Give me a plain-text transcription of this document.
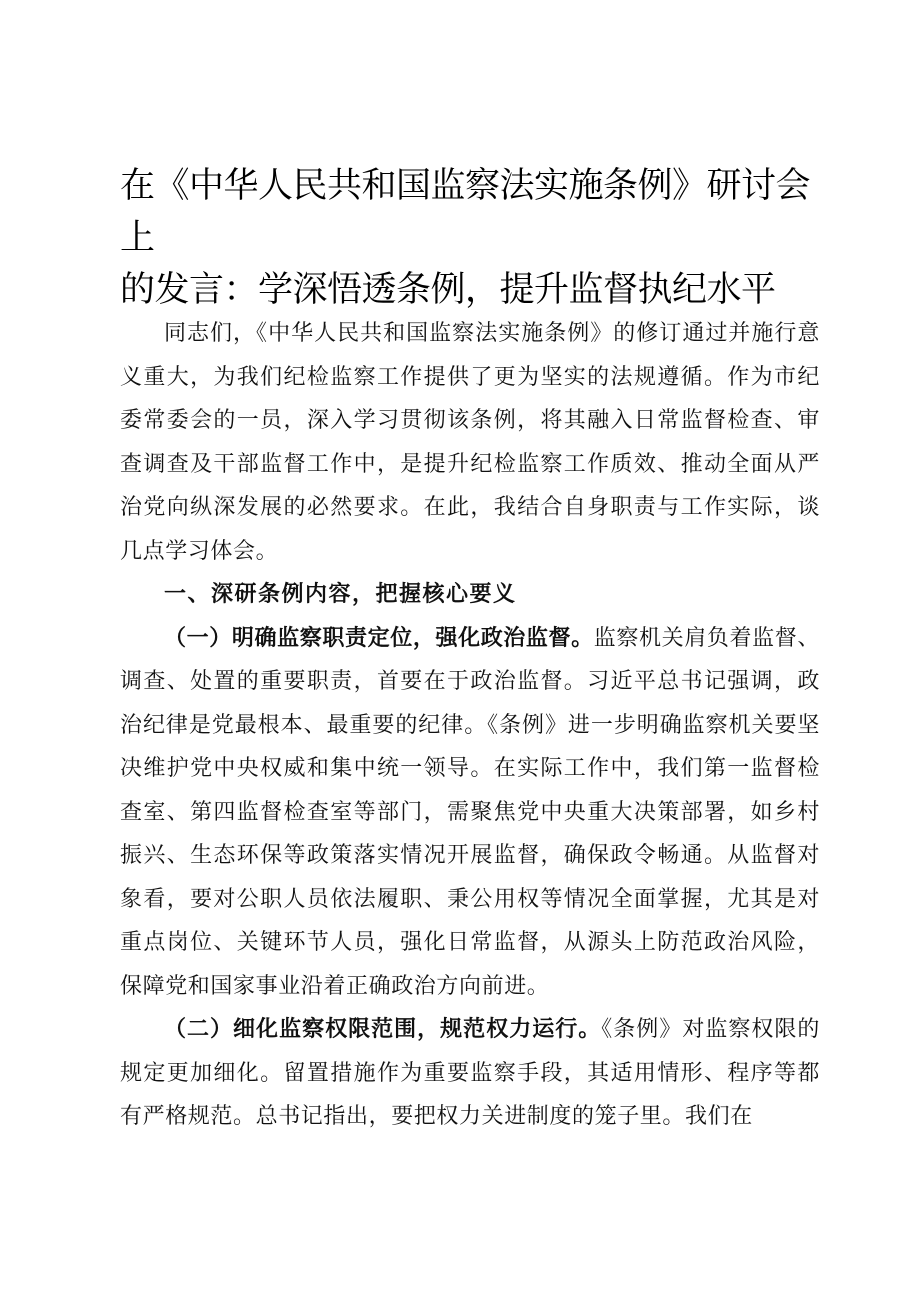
在《中华人民共和国监察法实施条例》研讨会上
的发言：学深悟透条例，提升监督执纪水平

同志们，《中华人民共和国监察法实施条例》的修订通过并施行意义重大，为我们纪检监察工作提供了更为坚实的法规遵循。作为市纪委常委会的一员，深入学习贯彻该条例，将其融入日常监督检查、审查调查及干部监督工作中，是提升纪检监察工作质效、推动全面从严治党向纵深发展的必然要求。在此，我结合自身职责与工作实际，谈几点学习体会。

一、深研条例内容，把握核心要义

（一）明确监察职责定位，强化政治监督。监察机关肩负着监督、调查、处置的重要职责，首要在于政治监督。习近平总书记强调，政治纪律是党最根本、最重要的纪律。《条例》进一步明确监察机关要坚决维护党中央权威和集中统一领导。在实际工作中，我们第一监督检查室、第四监督检查室等部门，需聚焦党中央重大决策部署，如乡村振兴、生态环保等政策落实情况开展监督，确保政令畅通。从监督对象看，要对公职人员依法履职、秉公用权等情况全面掌握，尤其是对重点岗位、关键环节人员，强化日常监督，从源头上防范政治风险，保障党和国家事业沿着正确政治方向前进。

（二）细化监察权限范围，规范权力运行。《条例》对监察权限的规定更加细化。留置措施作为重要监察手段，其适用情形、程序等都有严格规范。总书记指出，要把权力关进制度的笼子里。我们在
